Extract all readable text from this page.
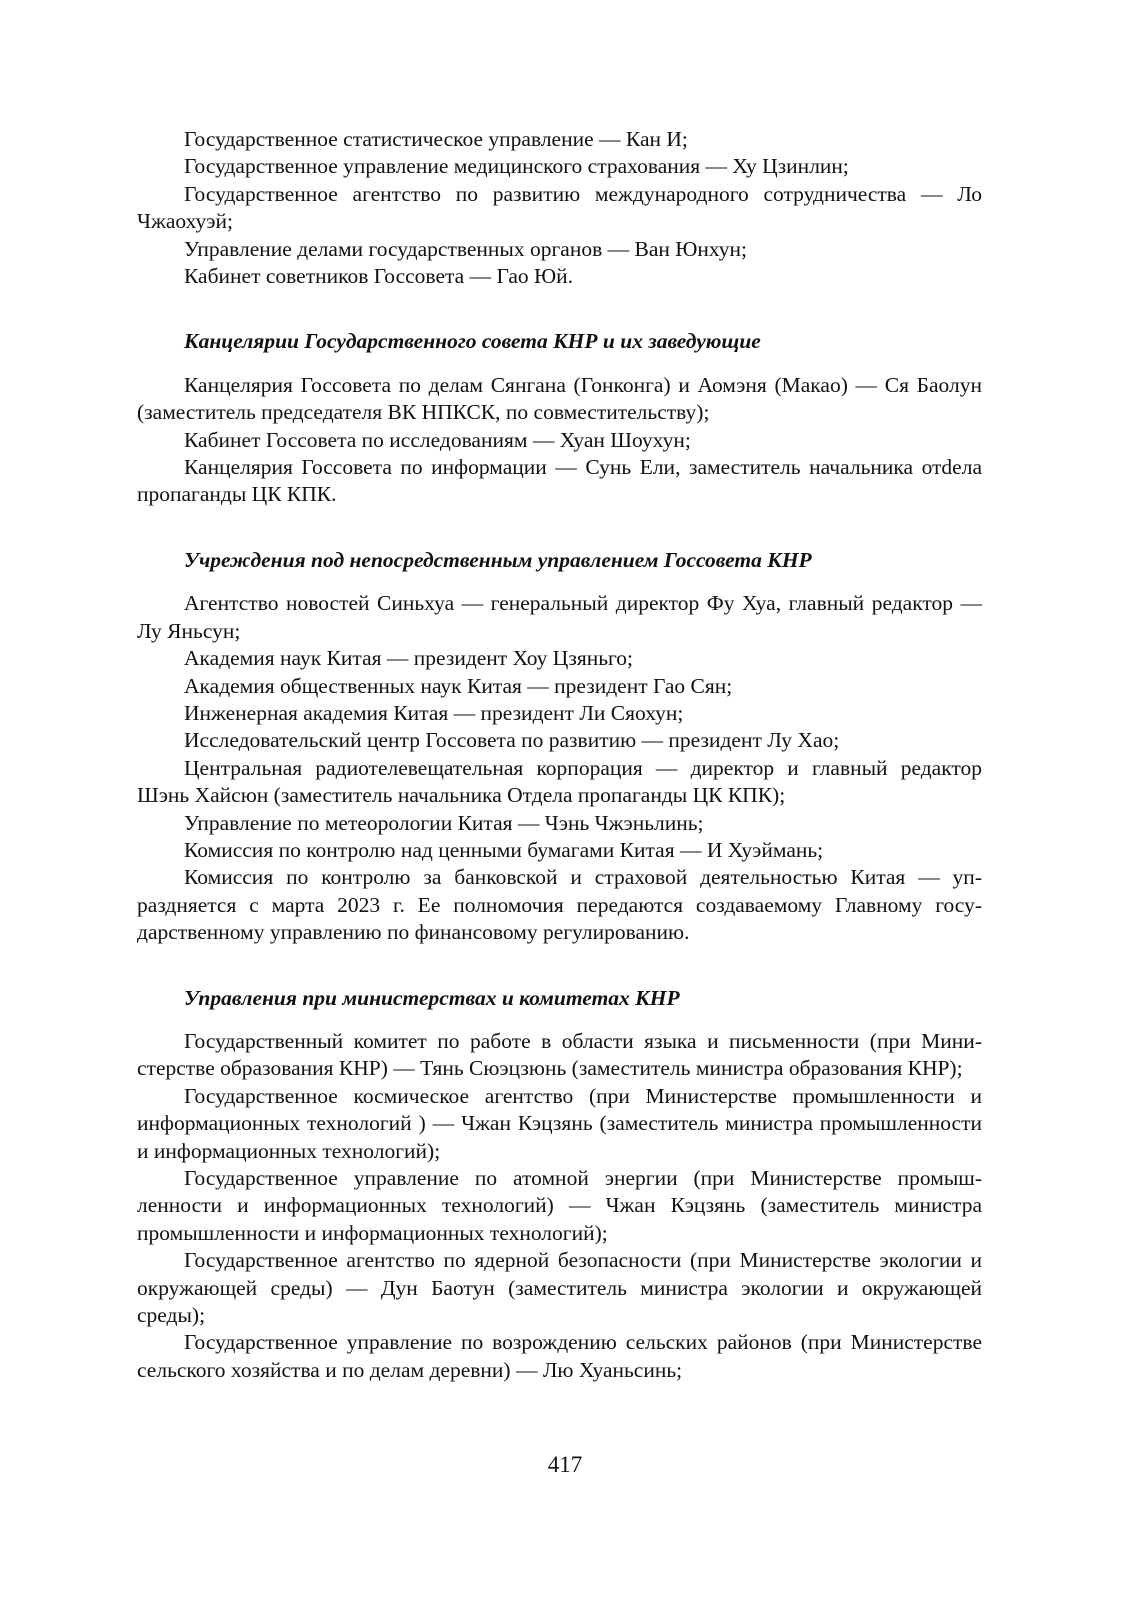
Государственное статистическое управление — Кан И;

Государственное управление медицинского страхования — Ху Цзинлин;

Государственное агентство по развитию международного сотрудничества — Ло Чжаохуэй;

Управление делами государственных органов — Ван Юнхун;

Кабинет советников Госсовета — Гао Юй.

Канцелярии Государственного совета КНР и их заведующие

Канцелярия Госсовета по делам Сянгана (Гонконга) и Аомэня (Макао) — Ся Баолун (заместитель председателя ВК НПКСК, по совместительству);

Кабинет Госсовета по исследованиям — Хуан Шоухун;

Канцелярия Госсовета по информации — Сунь Ели, заместитель начальника отdела пропаганды ЦК КПК.

Учреждения под непосредственным управлением Госсовета КНР

Агентство новостей Синьхуа — генеральный директор Фу Хуа, главный редактор — Лу Яньсун;

Академия наук Китая — президент Хоу Цзяньго;

Академия общественных наук Китая — президент Гао Сян;

Инженерная академия Китая — президент Ли Сяохун;

Исследовательский центр Госсовета по развитию — президент Лу Хао;

Центральная радиотелевещательная корпорация — директор и главный редактор Шэнь Хайсюн (заместитель начальника Отдела пропаганды ЦК КПК);

Управление по метеорологии Китая — Чэнь Чжэньлинь;

Комиссия по контролю над ценными бумагами Китая — И Хуэймань;

Комиссия по контролю за банковской и страховой деятельностью Китая — упраздняется с марта 2023 г. Ее полномочия передаются создаваемому Главному государственному управлению по финансовому регулированию.

Управления при министерствах и комитетах КНР

Государственный комитет по работе в области языка и письменности (при Министерстве образования КНР) — Тянь Сюэцзюнь (заместитель министра образования КНР);

Государственное космическое агентство (при Министерстве промышленности и информационных технологий ) — Чжан Кэцзянь (заместитель министра промышленности и информационных технологий);

Государственное управление по атомной энергии (при Министерстве промышленности и информационных технологий) — Чжан Кэцзянь (заместитель министра промышленности и информационных технологий);

Государственное агентство по ядерной безопасности (при Министерстве экологии и окружающей среды) — Дун Баотун (заместитель министра экологии и окружающей среды);

Государственное управление по возрождению сельских районов (при Министерстве сельского хозяйства и по делам деревни) — Лю Хуаньсинь;

417
